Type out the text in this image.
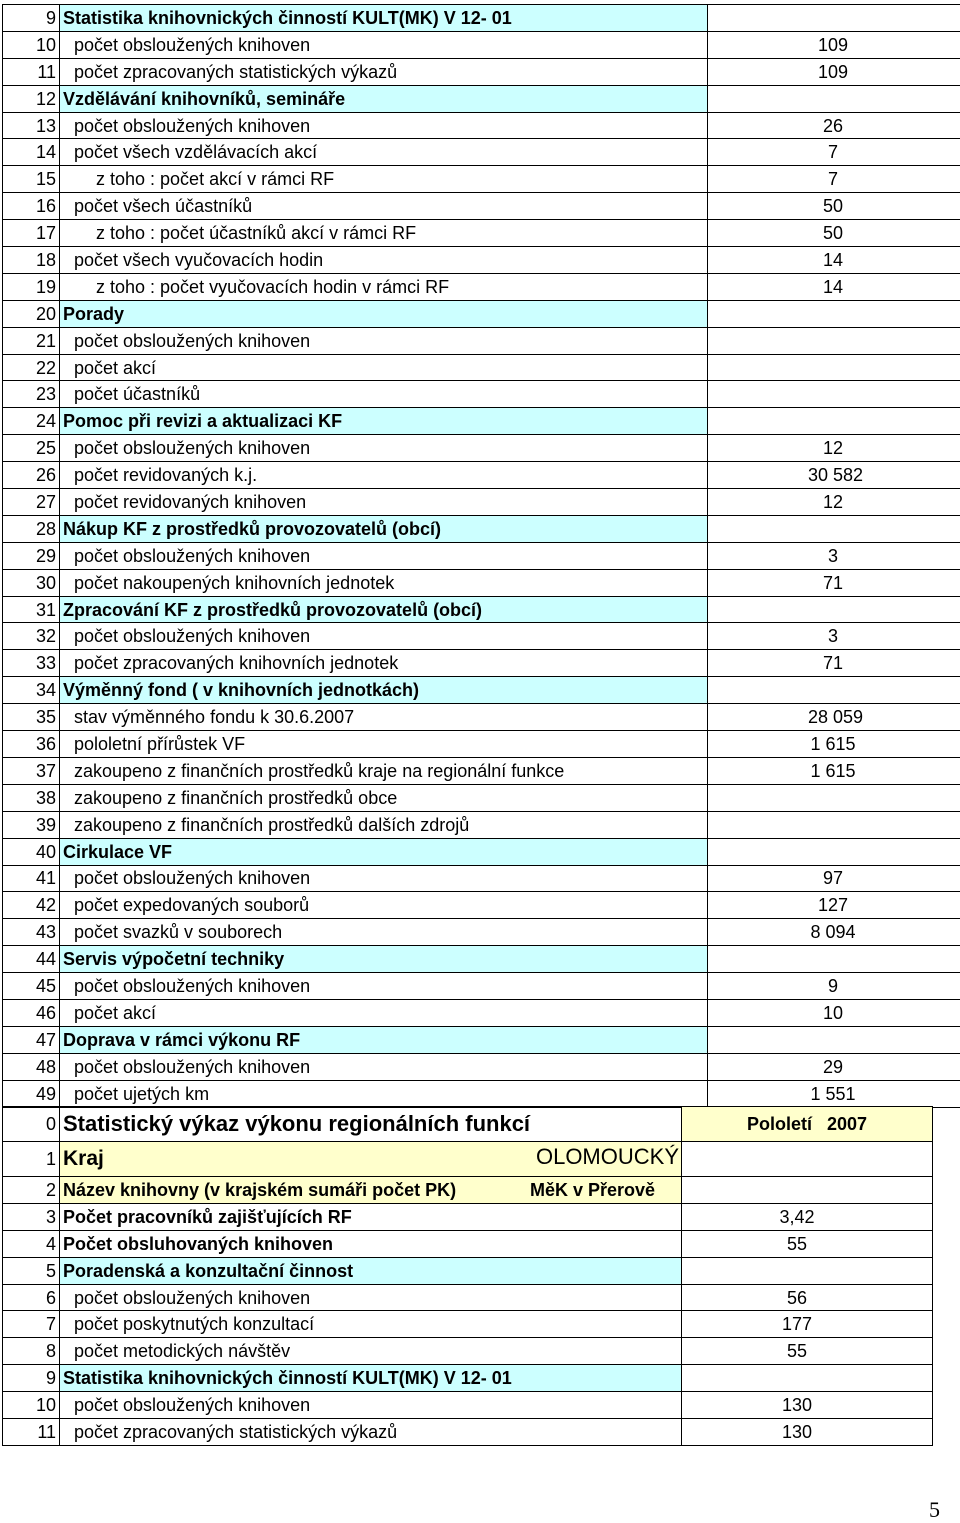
9	Statistika knihovnických činností KULT(MK) V 12- 01	
10	počet obsloužených knihoven	109
11	počet zpracovaných statistických výkazů	109
12	Vzdělávání knihovníků, semináře	
13	počet obsloužených knihoven	26
14	počet všech vzdělávacích akcí	7
15	z toho : počet akcí v rámci RF	7
16	počet všech účastníků	50
17	z toho : počet účastníků akcí v rámci RF	50
18	počet všech vyučovacích hodin	14
19	z toho : počet vyučovacích hodin v rámci RF	14
20	Porady	
21	počet obsloužených knihoven	
22	počet akcí	
23	počet účastníků	
24	Pomoc při revizi a aktualizaci KF	
25	počet obsloužených knihoven	12
26	počet revidovaných k.j.	30 582
27	počet revidovaných knihoven	12
28	Nákup KF z prostředků provozovatelů (obcí)	
29	počet obsloužených knihoven	3
30	počet nakoupených knihovních jednotek	71
31	Zpracování KF z prostředků provozovatelů (obcí)	
32	počet obsloužených knihoven	3
33	počet zpracovaných knihovních jednotek	71
34	Výměnný fond ( v knihovních jednotkách)	
35	stav výměnného fondu k 30.6.2007	28 059
36	pololetní přírůstek VF	1 615
37	zakoupeno z finančních prostředků kraje na regionální funkce	1 615
38	zakoupeno z finančních prostředků obce	
39	zakoupeno z finančních prostředků dalších zdrojů	
40	Cirkulace VF	
41	počet obsloužených knihoven	97
42	počet expedovaných souborů	127
43	počet svazků v souborech	8 094
44	Servis výpočetní techniky	
45	počet obsloužených knihoven	9
46	počet akcí	10
47	Doprava v rámci výkonu RF	
48	počet obsloužených knihoven	29
49	počet ujetých km	1 551
0	Statistický výkaz výkonu regionálních funkcí	Pololetí 2007
1	Kraj OLOMOUCKÝ	

2	Název knihovny (v krajském sumáři počet PK) MěK v Přerově	

3	Počet pracovníků zajišťujících RF	3,42
4	Počet obsluhovaných knihoven	55
5	Poradenská a konzultační činnost	
6	počet obsloužených knihoven	56
7	počet poskytnutých konzultací	177
8	počet metodických návštěv	55
9	Statistika knihovnických činností KULT(MK) V 12- 01	
10	počet obsloužených knihoven	130
11	počet zpracovaných statistických výkazů	130
5
